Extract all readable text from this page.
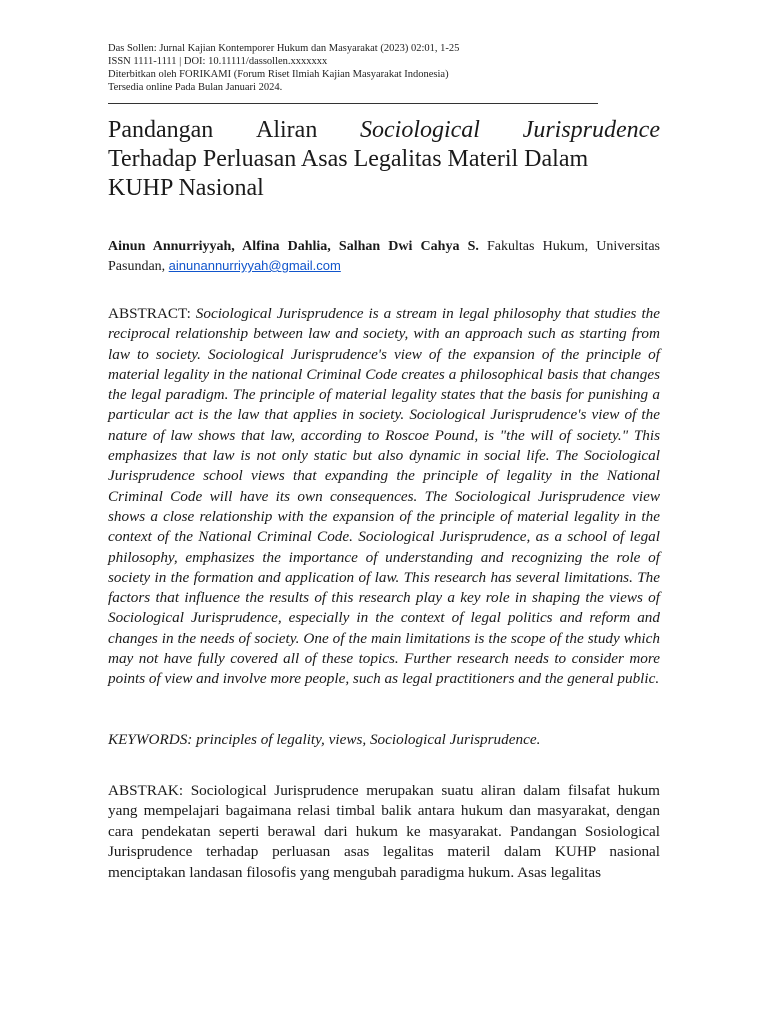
Das Sollen: Jurnal Kajian Kontemporer Hukum dan Masyarakat (2023) 02:01, 1-25
ISSN 1111-1111 | DOI: 10.11111/dassollen.xxxxxxx
Diterbitkan oleh FORIKAMI (Forum Riset Ilmiah Kajian Masyarakat Indonesia)
Tersedia online Pada Bulan Januari 2024.
Pandangan Aliran Sociological Jurisprudence
Terhadap Perluasan Asas Legalitas Materil Dalam
KUHP Nasional
Ainun Annurriyyah, Alfina Dahlia, Salhan Dwi Cahya S. Fakultas Hukum, Universitas Pasundan, ainunannurriyyah@gmail.com
ABSTRACT: Sociological Jurisprudence is a stream in legal philosophy that studies the reciprocal relationship between law and society, with an approach such as starting from law to society. Sociological Jurisprudence's view of the expansion of the principle of material legality in the national Criminal Code creates a philosophical basis that changes the legal paradigm. The principle of material legality states that the basis for punishing a particular act is the law that applies in society. Sociological Jurisprudence's view of the nature of law shows that law, according to Roscoe Pound, is "the will of society." This emphasizes that law is not only static but also dynamic in social life. The Sociological Jurisprudence school views that expanding the principle of legality in the National Criminal Code will have its own consequences. The Sociological Jurisprudence view shows a close relationship with the expansion of the principle of material legality in the context of the National Criminal Code. Sociological Jurisprudence, as a school of legal philosophy, emphasizes the importance of understanding and recognizing the role of society in the formation and application of law. This research has several limitations. The factors that influence the results of this research play a key role in shaping the views of Sociological Jurisprudence, especially in the context of legal politics and reform and changes in the needs of society. One of the main limitations is the scope of the study which may not have fully covered all of these topics. Further research needs to consider more points of view and involve more people, such as legal practitioners and the general public.
KEYWORDS: principles of legality, views, Sociological Jurisprudence.
ABSTRAK: Sociological Jurisprudence merupakan suatu aliran dalam filsafat hukum yang mempelajari bagaimana relasi timbal balik antara hukum dan masyarakat, dengan cara pendekatan seperti berawal dari hukum ke masyarakat. Pandangan Sosiological Jurisprudence terhadap perluasan asas legalitas materil dalam KUHP nasional menciptakan landasan filosofis yang mengubah paradigma hukum. Asas legalitas
